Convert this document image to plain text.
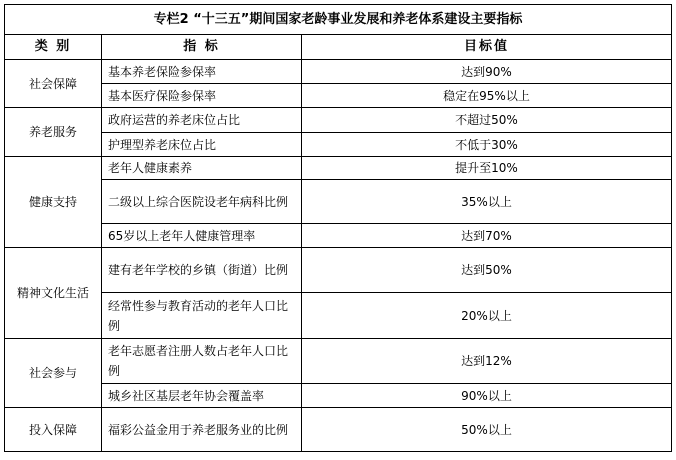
专栏2 “十三五”期间国家老龄事业发展和养老体系建设主要指标
类 别	指 标	目标值
社会保障	基本养老保险参保率	达到90%
	基本医疗保险参保率	稳定在95%以上
养老服务	政府运营的养老床位占比	不超过50%
	护理型养老床位占比	不低于30%
健康支持	老年人健康素养	提升至10%
	二级以上综合医院设老年病科比例	35%以上
	65岁以上老年人健康管理率	达到70%
精神文化生活	建有老年学校的乡镇（街道）比例	达到50%
	经常性参与教育活动的老年人口比例	20%以上
社会参与	老年志愿者注册人数占老年人口比例	达到12%
	城乡社区基层老年协会覆盖率	90%以上
投入保障	福彩公益金用于养老服务业的比例	50%以上
